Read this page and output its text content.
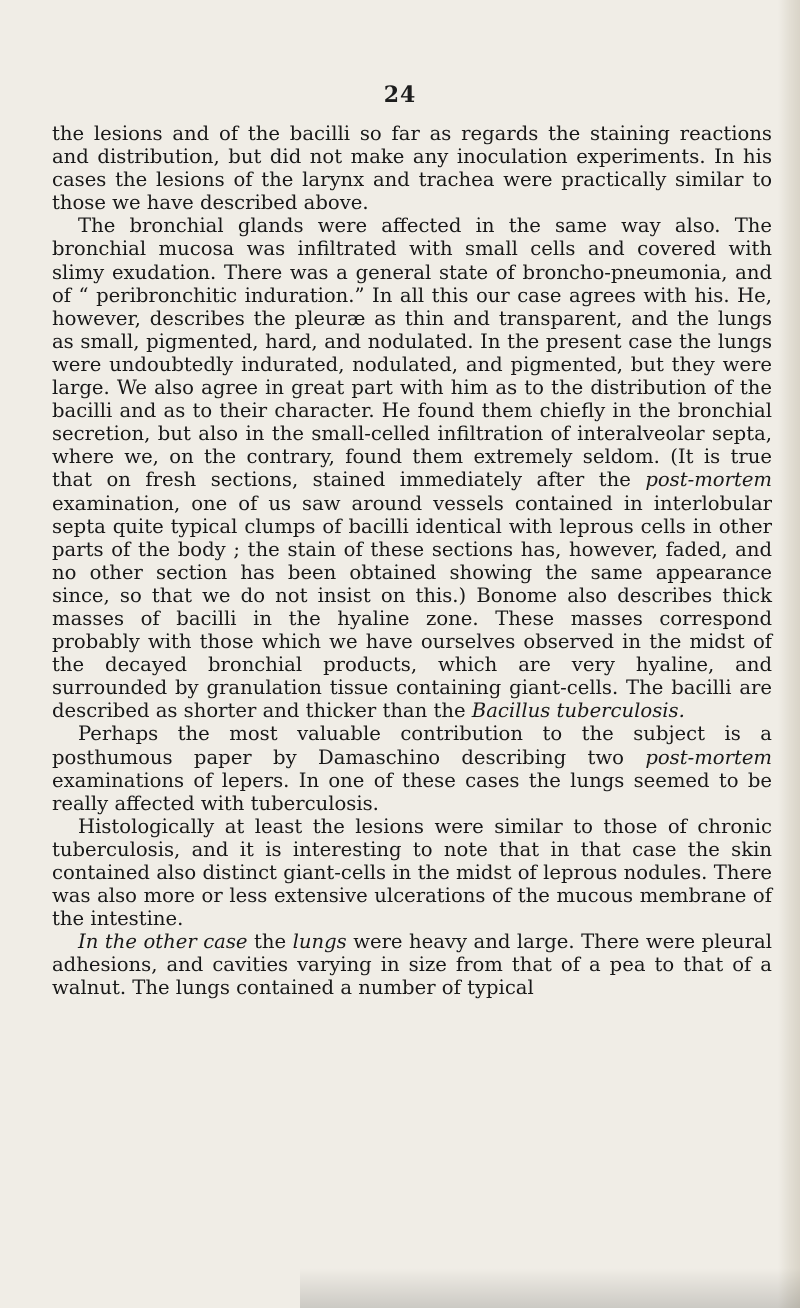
24

the lesions and of the bacilli so far as regards the staining reactions and distribution, but did not make any inoculation experiments. In his cases the lesions of the larynx and trachea were practically similar to those we have described above.

The bronchial glands were affected in the same way also. The bronchial mucosa was infiltrated with small cells and covered with slimy exudation. There was a general state of broncho-pneumonia, and of “ peribronchitic induration.” In all this our case agrees with his. He, however, describes the pleuræ as thin and transparent, and the lungs as small, pigmented, hard, and nodulated. In the present case the lungs were undoubtedly indurated, nodulated, and pigmented, but they were large. We also agree in great part with him as to the distribution of the bacilli and as to their character. He found them chiefly in the bronchial secretion, but also in the small-celled infiltration of interalveolar septa, where we, on the contrary, found them extremely seldom. (It is true that on fresh sections, stained immediately after the post-mortem examination, one of us saw around vessels contained in interlobular septa quite typical clumps of bacilli identical with leprous cells in other parts of the body ; the stain of these sections has, however, faded, and no other section has been obtained showing the same appearance since, so that we do not insist on this.) Bonome also describes thick masses of bacilli in the hyaline zone. These masses correspond probably with those which we have ourselves observed in the midst of the decayed bronchial products, which are very hyaline, and surrounded by granulation tissue containing giant-cells. The bacilli are described as shorter and thicker than the Bacillus tuberculosis.

Perhaps the most valuable contribution to the subject is a posthumous paper by Damaschino describing two post-mortem examinations of lepers. In one of these cases the lungs seemed to be really affected with tuberculosis.

Histologically at least the lesions were similar to those of chronic tuberculosis, and it is interesting to note that in that case the skin contained also distinct giant-cells in the midst of leprous nodules. There was also more or less extensive ulcerations of the mucous membrane of the intestine.

In the other case the lungs were heavy and large. There were pleural adhesions, and cavities varying in size from that of a pea to that of a walnut. The lungs contained a number of typical
